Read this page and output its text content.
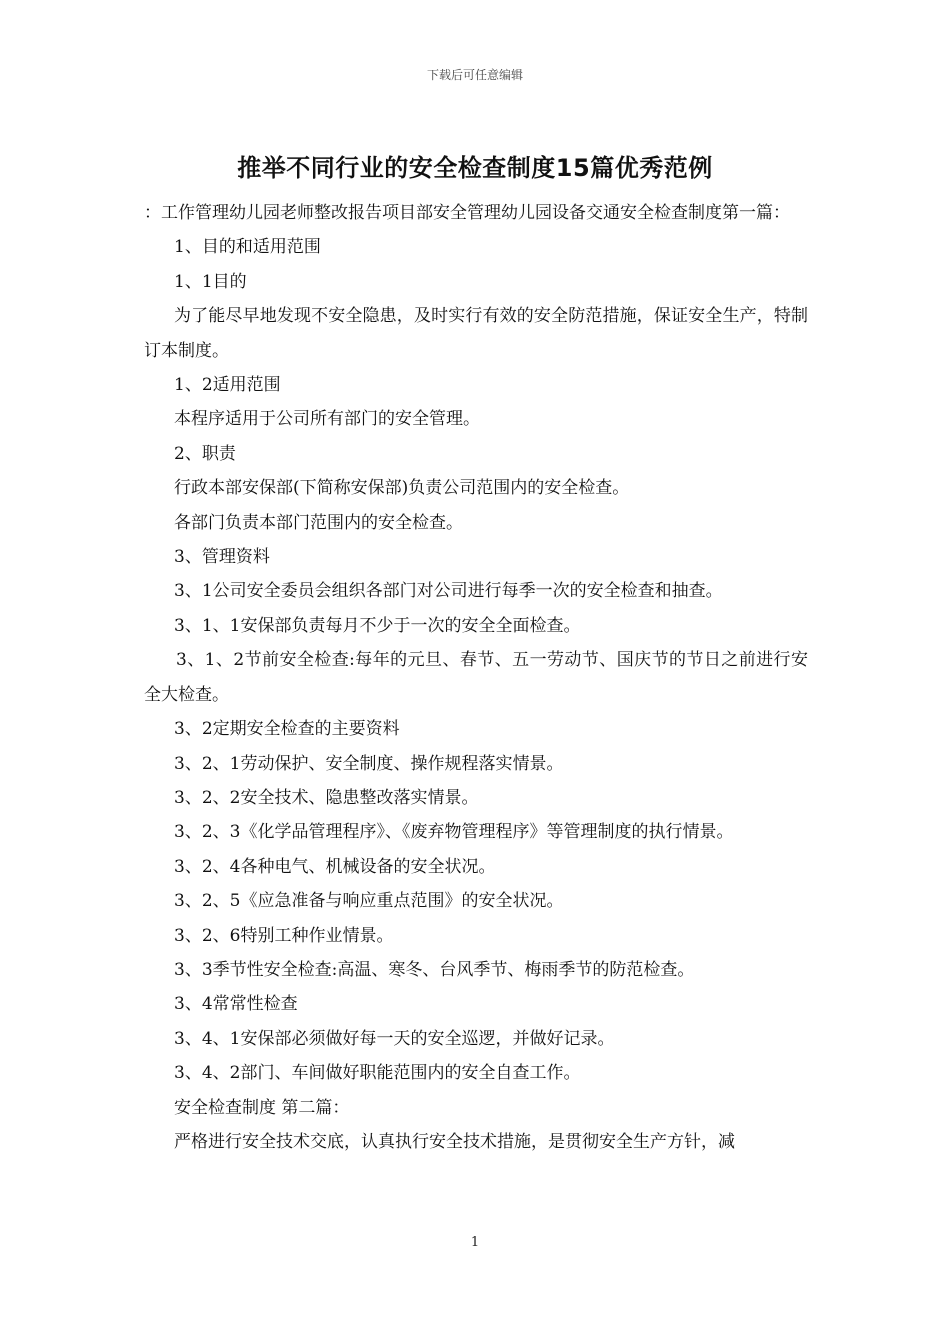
下载后可任意编辑
推举不同行业的安全检查制度15篇优秀范例

：工作管理幼儿园老师整改报告项目部安全管理幼儿园设备交通安全检查制度第一篇：

1、目的和适用范围

1、1目的

为了能尽早地发现不安全隐患，及时实行有效的安全防范措施，保证安全生产，特制订本制度。

1、2适用范围

本程序适用于公司所有部门的安全管理。

2、职责

行政本部安保部(下简称安保部)负责公司范围内的安全检查。

各部门负责本部门范围内的安全检查。

3、管理资料

3、1公司安全委员会组织各部门对公司进行每季一次的安全检查和抽查。

3、1、1安保部负责每月不少于一次的安全全面检查。

3、1、2节前安全检查:每年的元旦、春节、五一劳动节、国庆节的节日之前进行安全大检查。

3、2定期安全检查的主要资料

3、2、1劳动保护、安全制度、操作规程落实情景。

3、2、2安全技术、隐患整改落实情景。

3、2、3《化学品管理程序》、《废弃物管理程序》等管理制度的执行情景。

3、2、4各种电气、机械设备的安全状况。

3、2、5《应急准备与响应重点范围》的安全状况。

3、2、6特别工种作业情景。

3、3季节性安全检查:高温、寒冬、台风季节、梅雨季节的防范检查。

3、4常常性检查

3、4、1安保部必须做好每一天的安全巡逻，并做好记录。

3、4、2部门、车间做好职能范围内的安全自查工作。

安全检查制度 第二篇：

严格进行安全技术交底，认真执行安全技术措施，是贯彻安全生产方针，减

1
